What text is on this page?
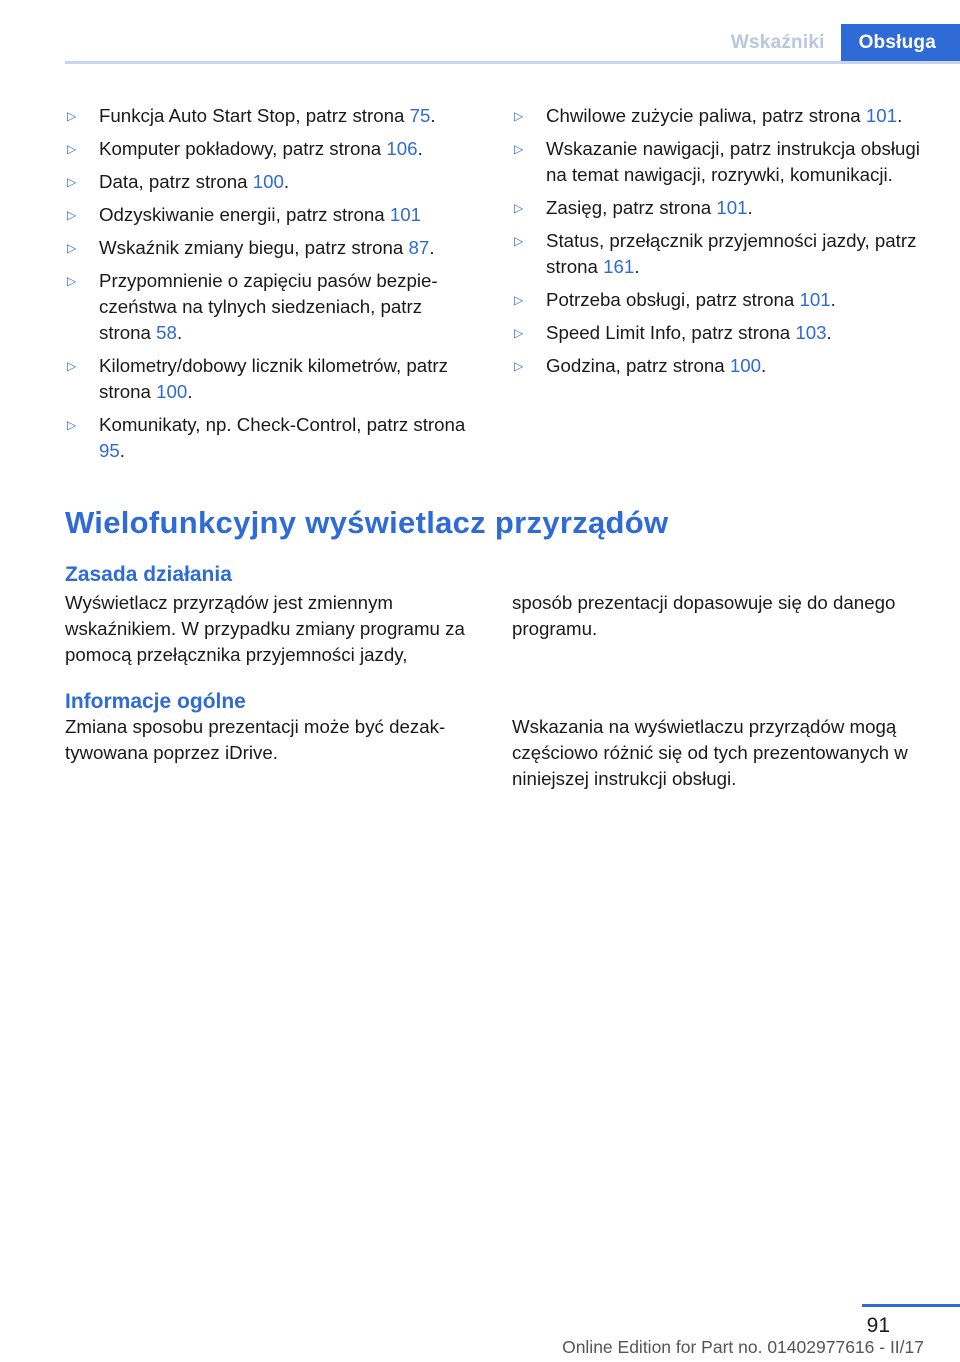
Wskaźniki	Obsługa
▷ Funkcja Auto Start Stop, patrz strona 75.
▷ Komputer pokładowy, patrz strona 106.
▷ Data, patrz strona 100.
▷ Odzyskiwanie energii, patrz strona 101
▷ Wskaźnik zmiany biegu, patrz strona 87.
▷ Przypomnienie o zapięciu pasów bezpieczeństwa na tylnych siedzeniach, patrz strona 58.
▷ Kilometry/dobowy licznik kilometrów, patrz strona 100.
▷ Komunikaty, np. Check-Control, patrz strona 95.
▷ Chwilowe zużycie paliwa, patrz strona 101.
▷ Wskazanie nawigacji, patrz instrukcja obsługi na temat nawigacji, rozrywki, komunikacji.
▷ Zasięg, patrz strona 101.
▷ Status, przełącznik przyjemności jazdy, patrz strona 161.
▷ Potrzeba obsługi, patrz strona 101.
▷ Speed Limit Info, patrz strona 103.
▷ Godzina, patrz strona 100.
Wielofunkcyjny wyświetlacz przyrządów
Zasada działania

Wyświetlacz przyrządów jest zmiennym wskaźnikiem. W przypadku zmiany programu za pomocą przełącznika przyjemności jazdy,

sposób prezentacji dopasowuje się do danego programu.

Informacje ogólne

Zmiana sposobu prezentacji może być dezaktywowana poprzez iDrive.

Wskazania na wyświetlaczu przyrządów mogą częściowo różnić się od tych prezentowanych w niniejszej instrukcji obsługi.

91
Online Edition for Part no. 01402977616 - II/17
